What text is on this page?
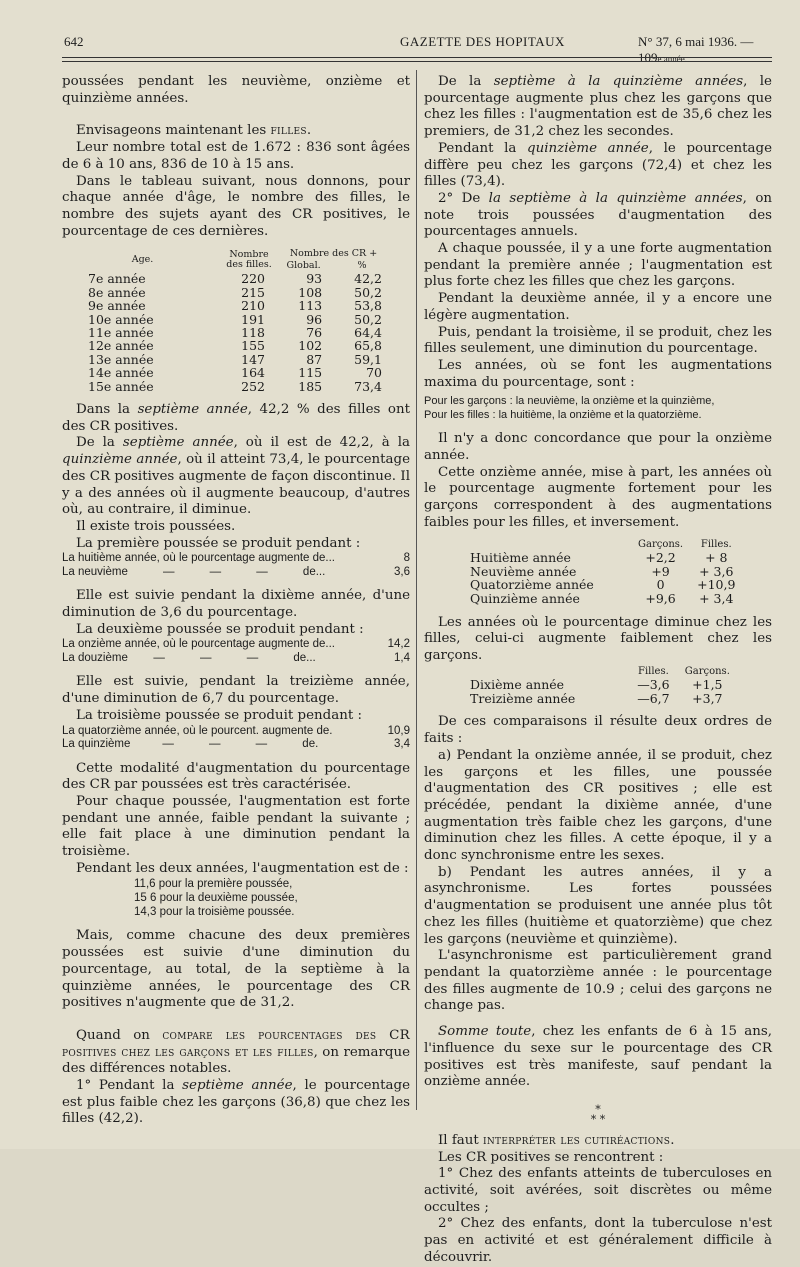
642	GAZETTE DES HOPITAUX	N° 37, 6 mai 1936. — 109e année.

poussées pendant les neuvième, onzième et quinzième années.

Envisageons maintenant les filles.

Leur nombre total est de 1.672 : 836 sont âgées de 6 à 10 ans, 836 de 10 à 15 ans.

Dans le tableau suivant, nous donnons, pour chaque année d'âge, le nombre des filles, le nombre des sujets ayant des CR positives, le pourcentage de ces dernières.

Age.	Nombre des filles.	Nombre des CR +	
		Global.	%
7e année	220	93	42,2
8e année	215	108	50,2
9e année	210	113	53,8
10e année	191	96	50,2
11e année	118	76	64,4
12e année	155	102	65,8
13e année	147	87	59,1
14e année	164	115	70
15e année	252	185	73,4

Dans la septième année, 42,2 % des filles ont des CR positives.

De la septième année, où il est de 42,2, à la quinzième année, où il atteint 73,4, le pourcentage des CR positives augmente de façon discontinue. Il y a des années où il augmente beaucoup, d'autres où, au contraire, il diminue.

Il existe trois poussées.

La première poussée se produit pendant :

La huitième année, où le pourcentage augmente de...	8
La neuvième           —           —           —           de...	3,6

Elle est suivie pendant la dixième année, d'une diminution de 3,6 du pourcentage.

La deuxième poussée se produit pendant :

La onzième année, où le pourcentage augmente de...	14,2
La douzième        —           —           —           de...	1,4

Elle est suivie, pendant la treizième année, d'une diminution de 6,7 du pourcentage.

La troisième poussée se produit pendant :

La quatorzième année, où le pourcent. augmente de.	10,9
La quinzième          —           —           —           de.	3,4

Cette modalité d'augmentation du pourcentage des CR par poussées est très caractérisée.

Pour chaque poussée, l'augmentation est forte pendant une année, faible pendant la suivante ; elle fait place à une diminution pendant la troisième.

Pendant les deux années, l'augmentation est de :

11,6 pour la première poussée,
15 6 pour la deuxième poussée,
14,3 pour la troisième poussée.

Mais, comme chacune des deux premières poussées est suivie d'une diminution du pourcentage, au total, de la septième à la quinzième années, le pourcentage des CR positives n'augmente que de 31,2.

Quand on compare les pourcentages des CR positives chez les garçons et les filles, on remarque des différences notables.

1° Pendant la septième année, le pourcentage est plus faible chez les garçons (36,8) que chez les filles (42,2).

De la septième à la quinzième années, le pourcentage augmente plus chez les garçons que chez les filles : l'augmentation est de 35,6 chez les premiers, de 31,2 chez les secondes.

Pendant la quinzième année, le pourcentage diffère peu chez les garçons (72,4) et chez les filles (73,4).

2° De la septième à la quinzième années, on note trois poussées d'augmentation des pourcentages annuels.

A chaque poussée, il y a une forte augmentation pendant la première année ; l'augmentation est plus forte chez les filles que chez les garçons.

Pendant la deuxième année, il y a encore une légère augmentation.

Puis, pendant la troisième, il se produit, chez les filles seulement, une diminution du pourcentage.

Les années, où se font les augmentations maxima du pourcentage, sont :

Pour les garçons : la neuvième, la onzième et la quinzième,
Pour les filles : la huitième, la onzième et la quatorzième.

Il n'y a donc concordance que pour la onzième année.

Cette onzième année, mise à part, les années où le pourcentage augmente fortement pour les garçons correspondent à des augmentations faibles pour les filles, et inversement.

	Garçons.	Filles.
Huitième année	+2,2	+ 8
Neuvième année	+9	+ 3,6
Quatorzième année	0	+10,9
Quinzième année	+9,6	+ 3,4

Les années où le pourcentage diminue chez les filles, celui-ci augmente faiblement chez les garçons.

	Filles.	Garçons.
Dixième année	—3,6	+1,5
Treizième année	—6,7	+3,7

De ces comparaisons il résulte deux ordres de faits :

a) Pendant la onzième année, il se produit, chez les garçons et les filles, une poussée d'augmentation des CR positives ; elle est précédée, pendant la dixième année, d'une augmentation très faible chez les garçons, d'une diminution chez les filles. A cette époque, il y a donc synchronisme entre les sexes.

b) Pendant les autres années, il y a asynchronisme. Les fortes poussées d'augmentation se produisent une année plus tôt chez les filles (huitième et quatorzième) que chez les garçons (neuvième et quinzième).

L'asynchronisme est particulièrement grand pendant la quatorzième année : le pourcentage des filles augmente de 10.9 ; celui des garçons ne change pas.

Somme toute, chez les enfants de 6 à 15 ans, l'influence du sexe sur le pourcentage des CR positives est très manifeste, sauf pendant la onzième année.

*
* *

Il faut interpréter les cutiréactions.

Les CR positives se rencontrent :

1° Chez des enfants atteints de tuberculoses en activité, soit avérées, soit discrètes ou même occultes ;

2° Chez des enfants, dont la tuberculose n'est pas en activité et est généralement difficile à découvrir.
